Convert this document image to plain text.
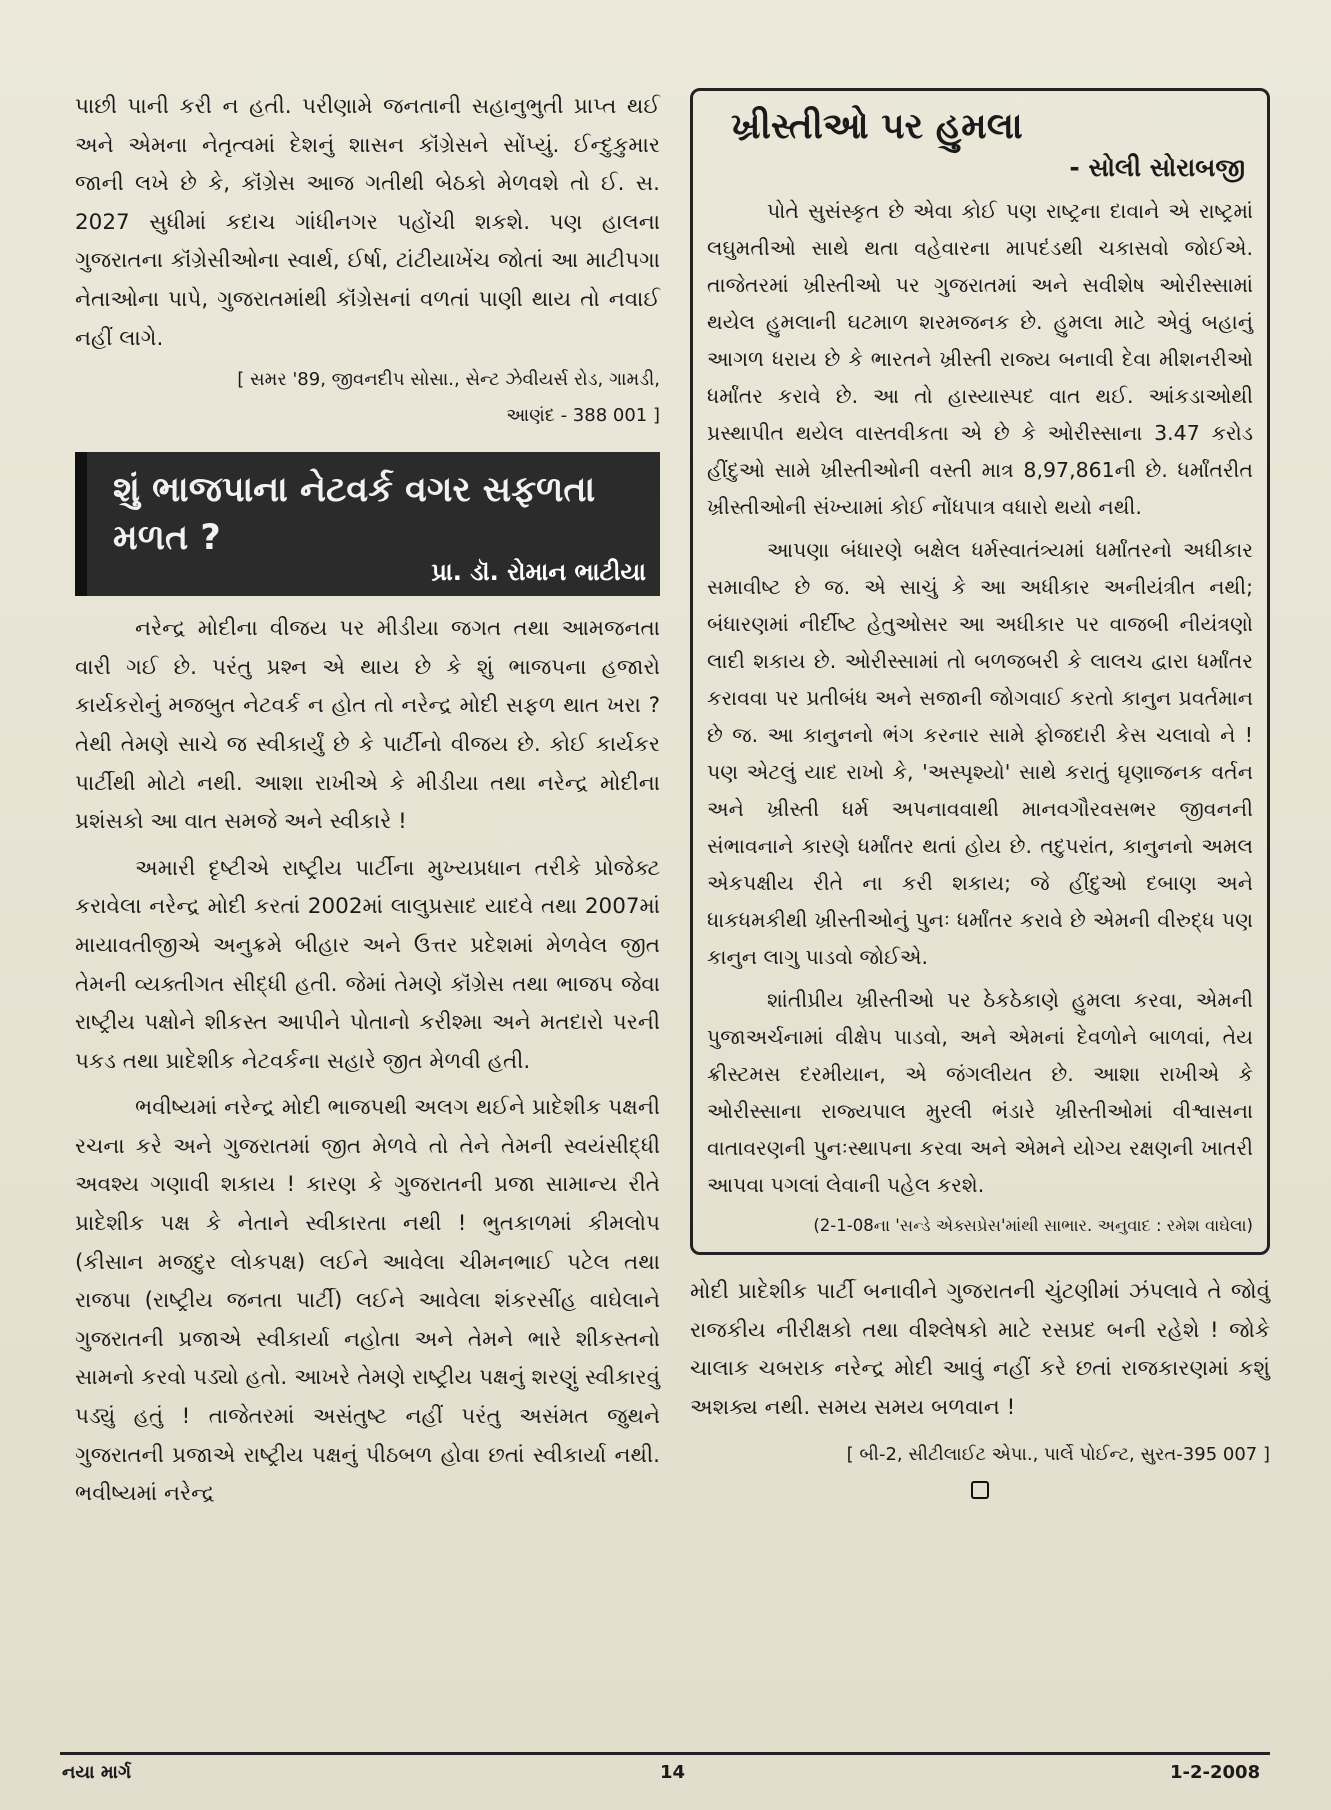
પાછી પાની કરી ન હતી. પરીણામે જનતાની સહાનુભુતી પ્રાપ્ત થઈ અને એમના નેતૃત્વમાં દેશનું શાસન કૉંગ્રેસને સોંપ્યું. ઈન્દુકુમાર જાની લખે છે કે, કૉંગ્રેસ આજ ગતીથી બેઠકો મેળવશે તો ઈ. સ. 2027 સુધીમાં કદાચ ગાંધીનગર પહોંચી શકશે. પણ હાલના ગુજરાતના કૉંગ્રેસીઓના સ્વાર્થ, ઈર્ષા, ટાંટીયાખેંચ જોતાં આ માટીપગા નેતાઓના પાપે, ગુજરાતમાંથી કૉંગ્રેસનાં વળતાં પાણી થાય તો નવાઈ નહીં લાગે.

[ સમર '89, જીવનદીપ સોસા., સેન્ટ ઝેવીયર્સ રોડ, ગામડી,
આણંદ - 388 001 ]

શું ભાજપાના નેટવર્ક વગર સફળતા મળત ?
પ્રા. ડૉ. રોમાન ભાટીયા

નરેન્દ્ર મોદીના વીજય પર મીડીયા જગત તથા આમજનતા વારી ગઈ છે. પરંતુ પ્રશ્ન એ થાય છે કે શું ભાજપના હજારો કાર્યકરોનું મજબુત નેટવર્ક ન હોત તો નરેન્દ્ર મોદી સફળ થાત ખરા ? તેથી તેમણે સાચે જ સ્વીકાર્યું છે કે પાર્ટીનો વીજય છે. કોઈ કાર્યકર પાર્ટીથી મોટો નથી. આશા રાખીએ કે મીડીયા તથા નરેન્દ્ર મોદીના પ્રશંસકો આ વાત સમજે અને સ્વીકારે !

અમારી દૃષ્ટીએ રાષ્ટ્રીય પાર્ટીના મુખ્યપ્રધાન તરીકે પ્રોજેક્ટ કરાવેલા નરેન્દ્ર મોદી કરતાં 2002માં લાલુપ્રસાદ યાદવે તથા 2007માં માયાવતીજીએ અનુક્રમે બીહાર અને ઉત્તર પ્રદેશમાં મેળવેલ જીત તેમની વ્યક્તીગત સીદ્ધી હતી. જેમાં તેમણે કૉંગ્રેસ તથા ભાજપ જેવા રાષ્ટ્રીય પક્ષોને શીકસ્ત આપીને પોતાનો કરીશ્મા અને મતદારો પરની પકડ તથા પ્રાદેશીક નેટવર્કના સહારે જીત મેળવી હતી.

ભવીષ્યમાં નરેન્દ્ર મોદી ભાજપથી અલગ થઈને પ્રાદેશીક પક્ષની રચના કરે અને ગુજરાતમાં જીત મેળવે તો તેને તેમની સ્વયંસીદ્ધી અવશ્ય ગણાવી શકાય ! કારણ કે ગુજરાતની પ્રજા સામાન્ય રીતે પ્રાદેશીક પક્ષ કે નેતાને સ્વીકારતા નથી ! ભુતકાળમાં કીમલોપ (કીસાન મજદુર લોકપક્ષ) લઈને આવેલા ચીમનભાઈ પટેલ તથા રાજપા (રાષ્ટ્રીય જનતા પાર્ટી) લઈને આવેલા શંકરસીંહ વાઘેલાને ગુજરાતની પ્રજાએ સ્વીકાર્યા નહોતા અને તેમને ભારે શીકસ્તનો સામનો કરવો પડ્યો હતો. આખરે તેમણે રાષ્ટ્રીય પક્ષનું શરણું સ્વીકારવું પડ્યું હતું ! તાજેતરમાં અસંતુષ્ટ નહીં પરંતુ અસંમત જુથને ગુજરાતની પ્રજાએ રાષ્ટ્રીય પક્ષનું પીઠબળ હોવા છતાં સ્વીકાર્યા નથી. ભવીષ્યમાં નરેન્દ્ર

ખ્રીસ્તીઓ પર હુમલા
- સોલી સોરાબજી

પોતે સુસંસ્કૃત છે એવા કોઈ પણ રાષ્ટ્રના દાવાને એ રાષ્ટ્રમાં લઘુમતીઓ સાથે થતા વહેવારના માપદંડથી ચકાસવો જોઈએ. તાજેતરમાં ખ્રીસ્તીઓ પર ગુજરાતમાં અને સવીશેષ ઓરીસ્સામાં થયેલ હુમલાની ઘટમાળ શરમજનક છે. હુમલા માટે એવું બહાનું આગળ ધરાય છે કે ભારતને ખ્રીસ્તી રાજ્ય બનાવી દેવા મીશનરીઓ ધર્માંતર કરાવે છે. આ તો હાસ્યાસ્પદ વાત થઈ. આંકડાઓથી પ્રસ્થાપીત થયેલ વાસ્તવીકતા એ છે કે ઓરીસ્સાના 3.47 કરોડ હીંદુઓ સામે ખ્રીસ્તીઓની વસ્તી માત્ર 8,97,861ની છે. ધર્માંતરીત ખ્રીસ્તીઓની સંખ્યામાં કોઈ નોંધપાત્ર વધારો થયો નથી.

આપણા બંધારણે બક્ષેલ ધર્મસ્વાતંત્ર્યમાં ધર્માંતરનો અધીકાર સમાવીષ્ટ છે જ. એ સાચું કે આ અધીકાર અનીયંત્રીત નથી; બંધારણમાં નીર્દીષ્ટ હેતુઓસર આ અધીકાર પર વાજબી નીયંત્રણો લાદી શકાય છે. ઓરીસ્સામાં તો બળજબરી કે લાલચ દ્વારા ધર્માંતર કરાવવા પર પ્રતીબંધ અને સજાની જોગવાઈ કરતો કાનુન પ્રવર્તમાન છે જ. આ કાનુનનો ભંગ કરનાર સામે ફોજદારી કેસ ચલાવો ને ! પણ એટલું યાદ રાખો કે, 'અસ્પૃશ્યો' સાથે કરાતું ઘૃણાજનક વર્તન અને ખ્રીસ્તી ધર્મ અપનાવવાથી માનવગૌરવસભર જીવનની સંભાવનાને કારણે ધર્માંતર થતાં હોય છે. તદુપરાંત, કાનુનનો અમલ એકપક્ષીય રીતે ના કરી શકાય; જે હીંદુઓ દબાણ અને ધાકધમકીથી ખ્રીસ્તીઓનું પુનઃ ધર્માંતર કરાવે છે એમની વીરુદ્ધ પણ કાનુન લાગુ પાડવો જોઈએ.

શાંતીપ્રીય ખ્રીસ્તીઓ પર ઠેકઠેકાણે હુમલા કરવા, એમની પુજાઅર્ચનામાં વીક્ષેપ પાડવો, અને એમનાં દેવળોને બાળવાં, તેય ક્રીસ્ટમસ દરમીયાન, એ જંગલીયત છે. આશા રાખીએ કે ઓરીસ્સાના રાજ્યપાલ મુરલી ભંડારે ખ્રીસ્તીઓમાં વીશ્વાસના વાતાવરણની પુનઃસ્થાપના કરવા અને એમને યોગ્ય રક્ષણની ખાતરી આપવા પગલાં લેવાની પહેલ કરશે.

(2-1-08ના 'સન્ડે એક્સપ્રેસ'માંથી સાભાર. અનુવાદ : રમેશ વાઘેલા)

મોદી પ્રાદેશીક પાર્ટી બનાવીને ગુજરાતની ચુંટણીમાં ઝંપલાવે તે જોવું રાજકીય નીરીક્ષકો તથા વીશ્લેષકો માટે રસપ્રદ બની રહેશે ! જોકે ચાલાક ચબરાક નરેન્દ્ર મોદી આવું નહીં કરે છતાં રાજકારણમાં કશું અશક્ય નથી. સમય સમય બળવાન !

[ બી-2, સીટીલાઈટ એપા., પાર્લે પોઈન્ટ, સુરત-395 007 ]

નયા માર્ગ	14	1-2-2008
